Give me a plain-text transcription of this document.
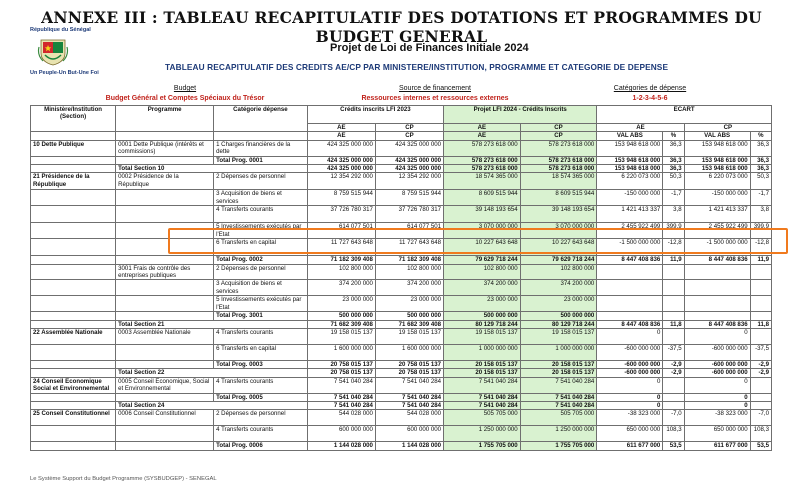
ANNEXE III : TABLEAU RECAPITULATIF DES DOTATIONS ET PROGRAMMES DU BUDGET GENERAL
République du Sénégal
Un Peuple-Un But-Une Foi
Projet de Loi de Finances Initiale 2024
TABLEAU RECAPITULATIF DES CREDITS AE/CP PAR MINISTERE/INSTITUTION, PROGRAMME ET CATEGORIE DE DEPENSE
Budget
Budget Général et Comptes Spéciaux du Trésor
Source de financement
Ressources internes et ressources externes
Catégories de dépense
1-2-3-4-5-6
Ministère/Institution (Section)	Programme	Catégorie dépense	Crédits inscrits LFI 2023		Projet LFI 2024 - Crédits Inscrits		ECART			
			AE	CP	AE	CP	AE		CP	
			AE	CP	AE	CP	VAL ABS	%	VAL ABS	%
10 Dette Publique	0001 Dette Publique (intérêts et commissions)	1 Charges financières de la dette	424 325 000 000	424 325 000 000	578 273 618 000	578 273 618 000	153 948 618 000	36,3	153 948 618 000	36,3
		Total Prog. 0001	424 325 000 000	424 325 000 000	578 273 618 000	578 273 618 000	153 948 618 000	36,3	153 948 618 000	36,3
	Total Section 10		424 325 000 000	424 325 000 000	578 273 618 000	578 273 618 000	153 948 618 000	36,3	153 948 618 000	36,3
21 Présidence de la République	0002 Présidence de la République	2 Dépenses de personnel	12 354 292 000	12 354 292 000	18 574 365 000	18 574 365 000	6 220 073 000	50,3	6 220 073 000	50,3
		3 Acquisition de biens et services	8 759 515 944	8 759 515 944	8 609 515 944	8 609 515 944	-150 000 000	-1,7	-150 000 000	-1,7
		4 Transferts courants	37 726 780 317	37 726 780 317	39 148 193 654	39 148 193 654	1 421 413 337	3,8	1 421 413 337	3,8
		5 Investissements exécutés par l'Etat	614 077 501	614 077 501	3 070 000 000	3 070 000 000	2 455 922 499	399,9	2 455 922 499	399,9
		6 Transferts en capital	11 727 643 648	11 727 643 648	10 227 643 648	10 227 643 648	-1 500 000 000	-12,8	-1 500 000 000	-12,8
		Total Prog. 0002	71 182 309 408	71 182 309 408	79 629 718 244	79 629 718 244	8 447 408 836	11,9	8 447 408 836	11,9
	3001 Frais de contrôle des entreprises publiques	2 Dépenses de personnel	102 800 000	102 800 000	102 800 000	102 800 000				
		3 Acquisition de biens et services	374 200 000	374 200 000	374 200 000	374 200 000				
		5 Investissements exécutés par l'Etat	23 000 000	23 000 000	23 000 000	23 000 000				
		Total Prog. 3001	500 000 000	500 000 000	500 000 000	500 000 000				
	Total Section 21		71 682 309 408	71 682 309 408	80 129 718 244	80 129 718 244	8 447 408 836	11,8	8 447 408 836	11,8
22 Assemblée Nationale	0003 Assemblée Nationale	4 Transferts courants	19 158 015 137	19 158 015 137	19 158 015 137	19 158 015 137	0		0	
		6 Transferts en capital	1 600 000 000	1 600 000 000	1 000 000 000	1 000 000 000	-600 000 000	-37,5	-600 000 000	-37,5
		Total Prog. 0003	20 758 015 137	20 758 015 137	20 158 015 137	20 158 015 137	-600 000 000	-2,9	-600 000 000	-2,9
	Total Section 22		20 758 015 137	20 758 015 137	20 158 015 137	20 158 015 137	-600 000 000	-2,9	-600 000 000	-2,9
24 Conseil Economique Social et Environnemental	0005 Conseil Economique, Social et Environnemental	4 Transferts courants	7 541 040 284	7 541 040 284	7 541 040 284	7 541 040 284	0		0	
		Total Prog. 0005	7 541 040 284	7 541 040 284	7 541 040 284	7 541 040 284	0		0	
	Total Section 24		7 541 040 284	7 541 040 284	7 541 040 284	7 541 040 284	0		0	
25 Conseil Constitutionnel	0006 Conseil Constitutionnel	2 Dépenses de personnel	544 028 000	544 028 000	505 705 000	505 705 000	-38 323 000	-7,0	-38 323 000	-7,0
		4 Transferts courants	600 000 000	600 000 000	1 250 000 000	1 250 000 000	650 000 000	108,3	650 000 000	108,3
		Total Prog. 0006	1 144 028 000	1 144 028 000	1 755 705 000	1 755 705 000	611 677 000	53,5	611 677 000	53,5
Le Système Support du Budget Programme (SYSBUDGEP) - SENEGAL
